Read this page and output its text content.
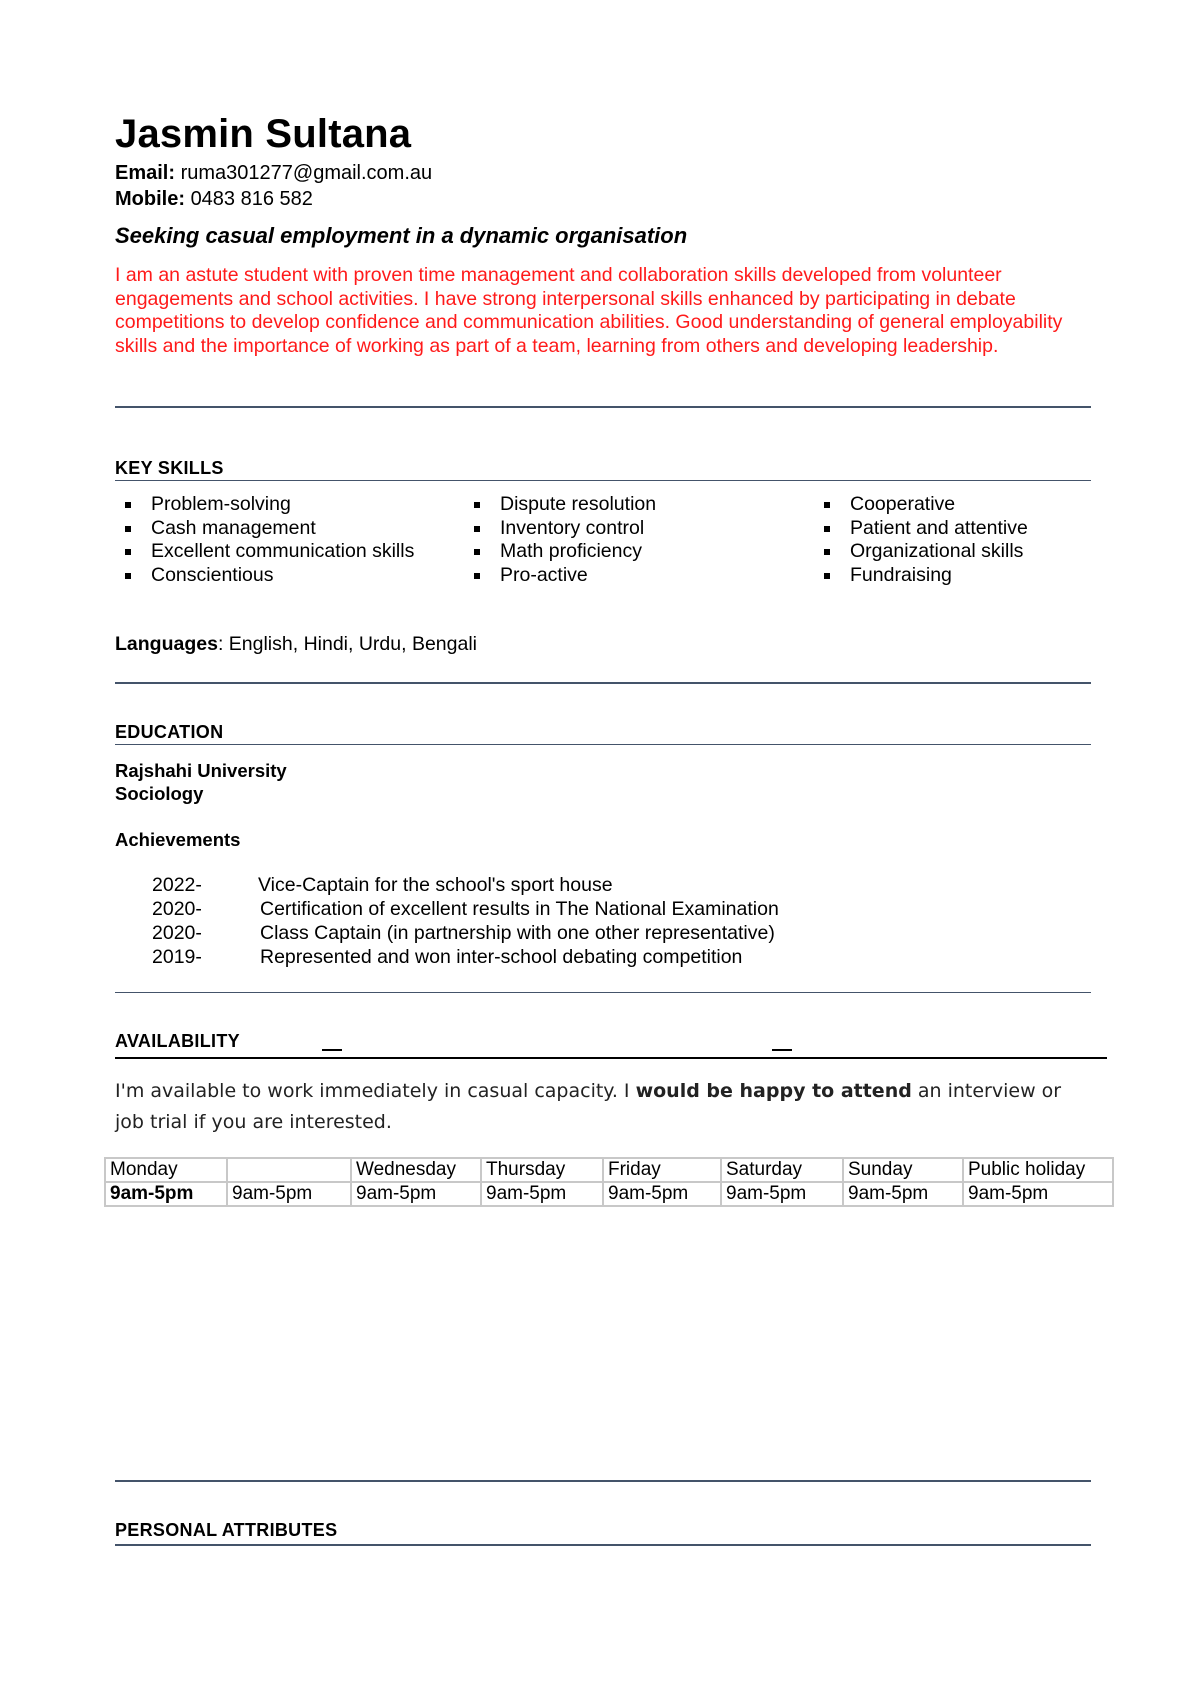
Jasmin Sultana
Email: ruma301277@gmail.com.au
Mobile: 0483 816 582
Seeking casual employment in a dynamic organisation
I am an astute student with proven time management and collaboration skills developed from volunteer engagements and school activities. I have strong interpersonal skills enhanced by participating in debate competitions to develop confidence and communication abilities. Good understanding of general employability skills and the importance of working as part of a team, learning from others and developing leadership.
KEY SKILLS
Problem-solving
Cash management
Excellent communication skills
Conscientious
Dispute resolution
Inventory control
Math proficiency
Pro-active
Cooperative
Patient and attentive
Organizational skills
Fundraising
Languages: English, Hindi, Urdu, Bengali
EDUCATION
Rajshahi University
Sociology
Achievements
2022-	Vice-Captain for the school's sport house
2020-	Certification of excellent results in The National Examination
2020-	Class Captain (in partnership with one other representative)
2019-	Represented and won inter-school debating competition
AVAILABILITY
I'm available to work immediately in casual capacity. I would be happy to attend an interview or job trial if you are interested.
Monday		Wednesday	Thursday	Friday	Saturday	Sunday	Public holiday
9am-5pm	9am-5pm	9am-5pm	9am-5pm	9am-5pm	9am-5pm	9am-5pm	9am-5pm
PERSONAL ATTRIBUTES
